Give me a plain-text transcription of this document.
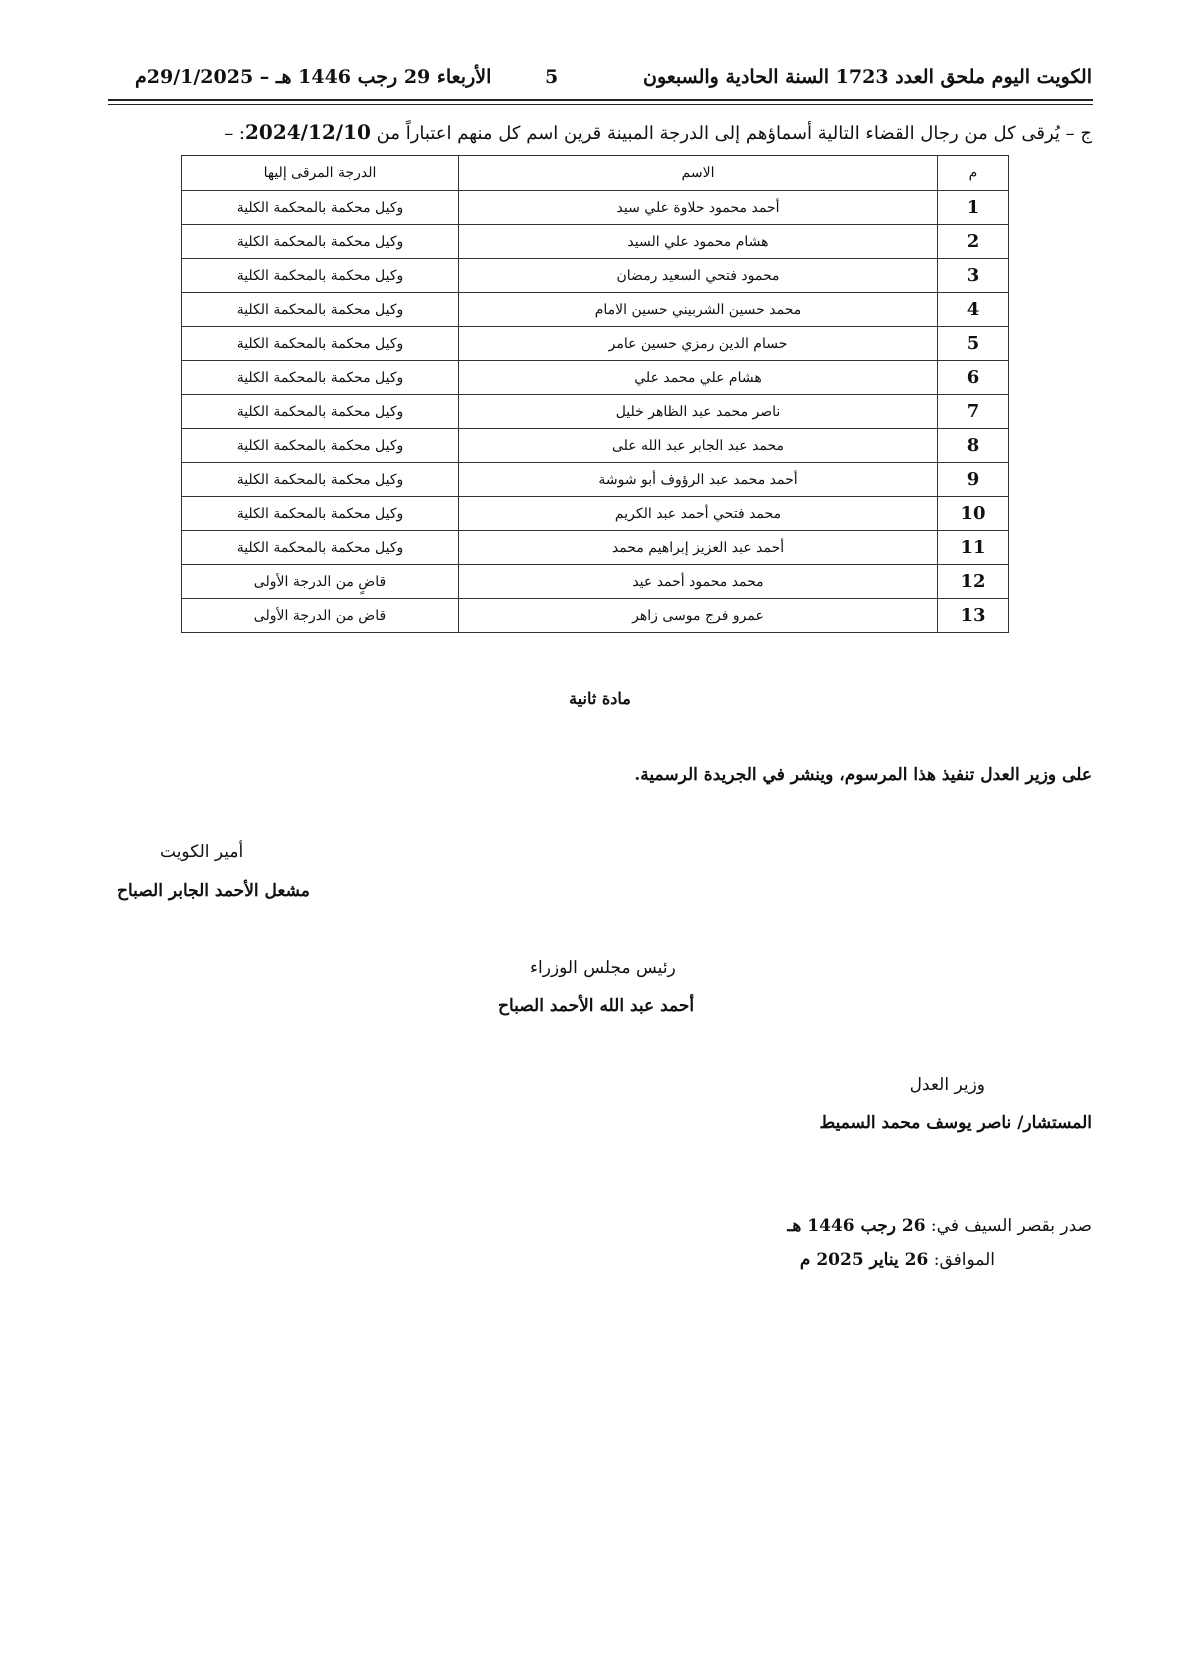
الكويت اليوم ملحق العدد 1723 السنة الحادية والسبعون
5
الأربعاء 29 رجب 1446 هـ – 29/1/2025م
ج – يُرقى كل من رجال القضاء التالية أسماؤهم إلى الدرجة المبينة قرين اسم كل منهم اعتباراً من 2024/12/10: –
م	الاسم	الدرجة المرقى إليها
1	أحمد محمود حلاوة علي سيد	وكيل محكمة بالمحكمة الكلية
2	هشام محمود علي السيد	وكيل محكمة بالمحكمة الكلية
3	محمود فتحي السعيد رمضان	وكيل محكمة بالمحكمة الكلية
4	محمد حسين الشربيني حسين الامام	وكيل محكمة بالمحكمة الكلية
5	حسام الدين رمزي حسين عامر	وكيل محكمة بالمحكمة الكلية
6	هشام علي محمد علي	وكيل محكمة بالمحكمة الكلية
7	ناصر محمد عبد الظاهر خليل	وكيل محكمة بالمحكمة الكلية
8	محمد عبد الجابر عبد الله على	وكيل محكمة بالمحكمة الكلية
9	أحمد محمد عبد الرؤوف أبو شوشة	وكيل محكمة بالمحكمة الكلية
10	محمد فتحي أحمد عبد الكريم	وكيل محكمة بالمحكمة الكلية
11	أحمد عبد العزيز إبراهيم محمد	وكيل محكمة بالمحكمة الكلية
12	محمد محمود أحمد عيد	قاضٍ من الدرجة الأولى
13	عمرو فرج موسى زاهر	قاض من الدرجة الأولى
مادة ثانية
على وزير العدل تنفيذ هذا المرسوم، وينشر في الجريدة الرسمية.
أمير الكويت
مشعل الأحمد الجابر الصباح
رئيس مجلس الوزراء
أحمد عبد الله الأحمد الصباح
وزير العدل
المستشار/ ناصر يوسف محمد السميط
صدر بقصر السيف في: 26 رجب 1446 هـ
الموافق: 26 يناير 2025 م
